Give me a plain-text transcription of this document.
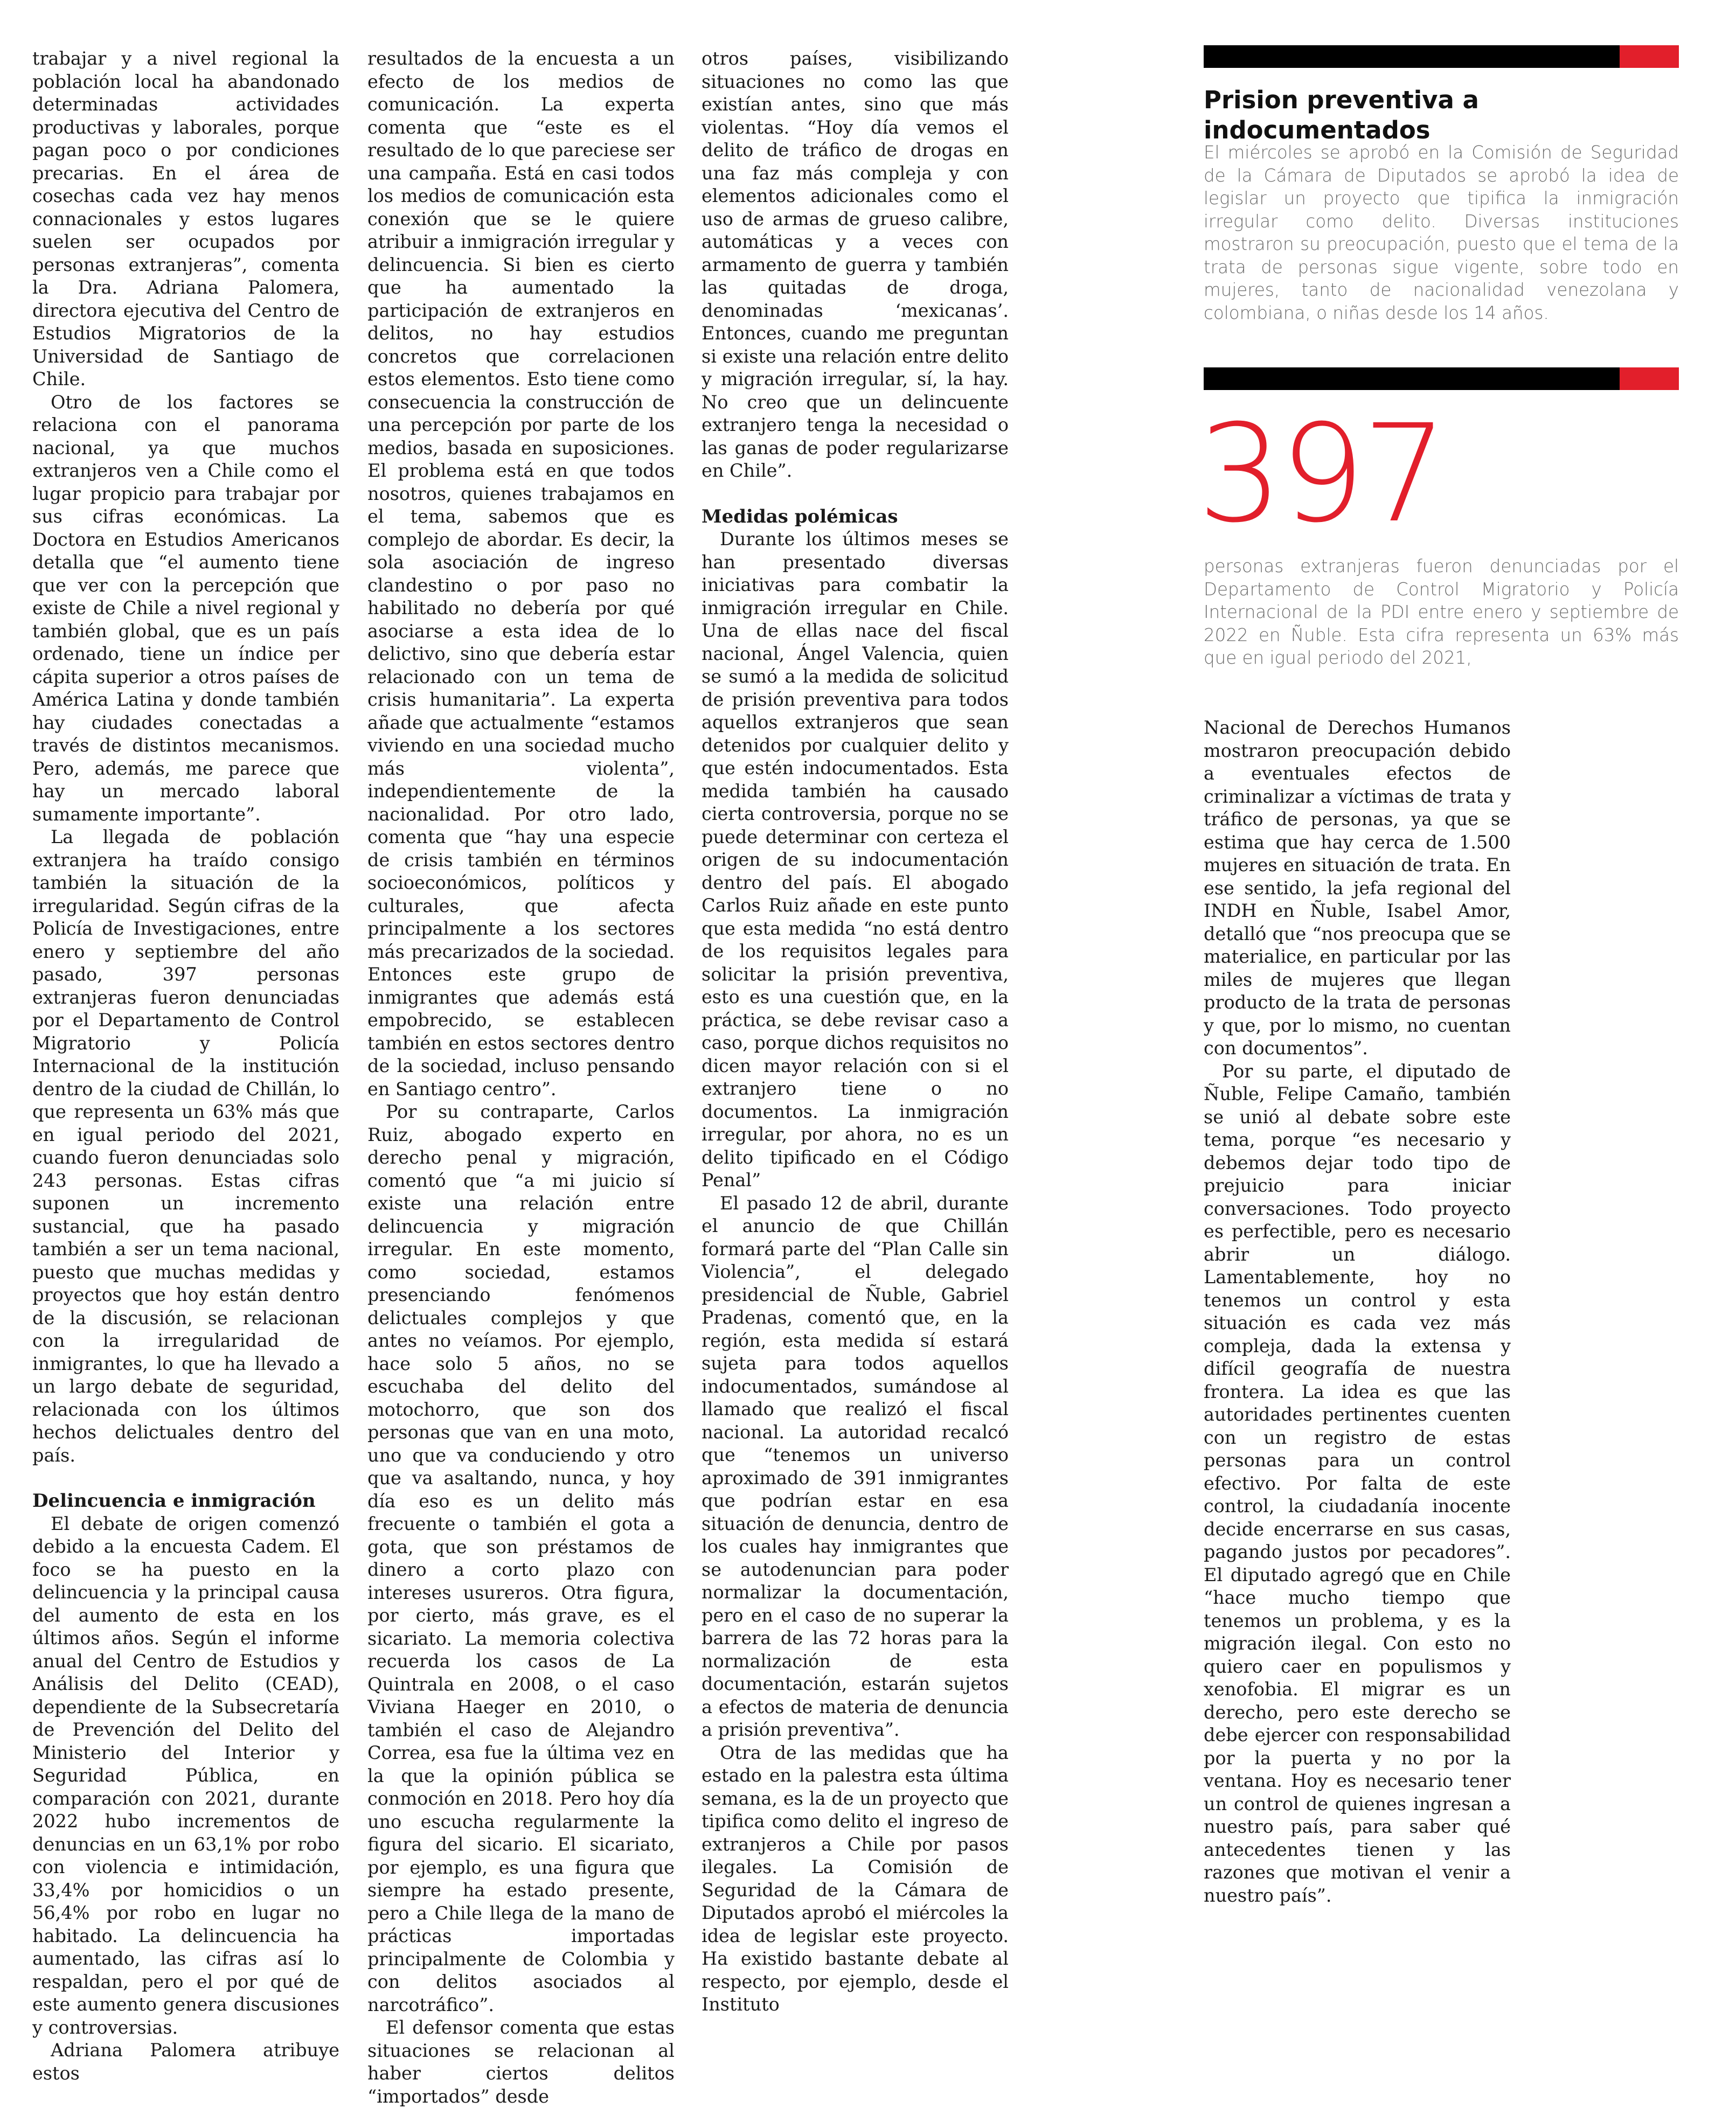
trabajar y a nivel regional la población local ha abandonado determinadas actividades productivas y laborales, porque pagan poco o por condiciones precarias. En el área de cosechas cada vez hay menos connacionales y estos lugares suelen ser ocupados por personas extranjeras”, comenta la Dra. Adriana Palomera, directora ejecutiva del Centro de Estudios Migratorios de la Universidad de Santiago de Chile.

Otro de los factores se relaciona con el panorama nacional, ya que muchos extranjeros ven a Chile como el lugar propicio para trabajar por sus cifras económicas. La Doctora en Estudios Americanos detalla que “el aumento tiene que ver con la percepción que existe de Chile a nivel regional y también global, que es un país ordenado, tiene un índice per cápita superior a otros países de América Latina y donde también hay ciudades conectadas a través de distintos mecanismos. Pero, además, me parece que hay un mercado laboral sumamente importante”.

La llegada de población extranjera ha traído consigo también la situación de la irregularidad. Según cifras de la Policía de Investigaciones, entre enero y septiembre del año pasado, 397 personas extranjeras fueron denunciadas por el Departamento de Control Migratorio y Policía Internacional de la institución dentro de la ciudad de Chillán, lo que representa un 63% más que en igual periodo del 2021, cuando fueron denunciadas solo 243 personas. Estas cifras suponen un incremento sustancial, que ha pasado también a ser un tema nacional, puesto que muchas medidas y proyectos que hoy están dentro de la discusión, se relacionan con la irregularidad de inmigrantes, lo que ha llevado a un largo debate de seguridad, relacionada con los últimos hechos delictuales dentro del país.

Delincuencia e inmigración

El debate de origen comenzó debido a la encuesta Cadem. El foco se ha puesto en la delincuencia y la principal causa del aumento de esta en los últimos años. Según el informe anual del Centro de Estudios y Análisis del Delito (CEAD), dependiente de la Subsecretaría de Prevención del Delito del Ministerio del Interior y Seguridad Pública, en comparación con 2021, durante 2022 hubo incrementos de denuncias en un 63,1% por robo con violencia e intimidación, 33,4% por homicidios o un 56,4% por robo en lugar no habitado. La delincuencia ha aumentado, las cifras así lo respaldan, pero el por qué de este aumento genera discusiones y controversias.

Adriana Palomera atribuye estos

resultados de la encuesta a un efecto de los medios de comunicación. La experta comenta que “este es el resultado de lo que pareciese ser una campaña. Está en casi todos los medios de comunicación esta conexión que se le quiere atribuir a inmigración irregular y delincuencia. Si bien es cierto que ha aumentado la participación de extranjeros en delitos, no hay estudios concretos que correlacionen estos elementos. Esto tiene como consecuencia la construcción de una percepción por parte de los medios, basada en suposiciones. El problema está en que todos nosotros, quienes trabajamos en el tema, sabemos que es complejo de abordar. Es decir, la sola asociación de ingreso clandestino o por paso no habilitado no debería por qué asociarse a esta idea de lo delictivo, sino que debería estar relacionado con un tema de crisis humanitaria”. La experta añade que actualmente “estamos viviendo en una sociedad mucho más violenta”, independientemente de la nacionalidad. Por otro lado, comenta que “hay una especie de crisis también en términos socioeconómicos, políticos y culturales, que afecta principalmente a los sectores más precarizados de la sociedad. Entonces este grupo de inmigrantes que además está empobrecido, se establecen también en estos sectores dentro de la sociedad, incluso pensando en Santiago centro”.

Por su contraparte, Carlos Ruiz, abogado experto en derecho penal y migración, comentó que “a mi juicio sí existe una relación entre delincuencia y migración irregular. En este momento, como sociedad, estamos presenciando fenómenos delictuales complejos y que antes no veíamos. Por ejemplo, hace solo 5 años, no se escuchaba del delito del motochorro, que son dos personas que van en una moto, uno que va conduciendo y otro que va asaltando, nunca, y hoy día eso es un delito más frecuente o también el gota a gota, que son préstamos de dinero a corto plazo con intereses usureros. Otra figura, por cierto, más grave, es el sicariato. La memoria colectiva recuerda los casos de La Quintrala en 2008, o el caso Viviana Haeger en 2010, o también el caso de Alejandro Correa, esa fue la última vez en la que la opinión pública se conmoción en 2018. Pero hoy día uno escucha regularmente la figura del sicario. El sicariato, por ejemplo, es una figura que siempre ha estado presente, pero a Chile llega de la mano de prácticas importadas principalmente de Colombia y con delitos asociados al narcotráfico”.

El defensor comenta que estas situaciones se relacionan al haber ciertos delitos “importados” desde

otros países, visibilizando situaciones no como las que existían antes, sino que más violentas. “Hoy día vemos el delito de tráfico de drogas en una faz más compleja y con elementos adicionales como el uso de armas de grueso calibre, automáticas y a veces con armamento de guerra y también las quitadas de droga, denominadas ‘mexicanas’. Entonces, cuando me preguntan si existe una relación entre delito y migración irregular, sí, la hay. No creo que un delincuente extranjero tenga la necesidad o las ganas de poder regularizarse en Chile”.

Medidas polémicas

Durante los últimos meses se han presentado diversas iniciativas para combatir la inmigración irregular en Chile. Una de ellas nace del fiscal nacional, Ángel Valencia, quien se sumó a la medida de solicitud de prisión preventiva para todos aquellos extranjeros que sean detenidos por cualquier delito y que estén indocumentados. Esta medida también ha causado cierta controversia, porque no se puede determinar con certeza el origen de su indocumentación dentro del país. El abogado Carlos Ruiz añade en este punto que esta medida “no está dentro de los requisitos legales para solicitar la prisión preventiva, esto es una cuestión que, en la práctica, se debe revisar caso a caso, porque dichos requisitos no dicen mayor relación con si el extranjero tiene o no documentos. La inmigración irregular, por ahora, no es un delito tipificado en el Código Penal”

El pasado 12 de abril, durante el anuncio de que Chillán formará parte del “Plan Calle sin Violencia”, el delegado presidencial de Ñuble, Gabriel Pradenas, comentó que, en la región, esta medida sí estará sujeta para todos aquellos indocumentados, sumándose al llamado que realizó el fiscal nacional. La autoridad recalcó que “tenemos un universo aproximado de 391 inmigrantes que podrían estar en esa situación de denuncia, dentro de los cuales hay inmigrantes que se autodenuncian para poder normalizar la documentación, pero en el caso de no superar la barrera de las 72 horas para la normalización de esta documentación, estarán sujetos a efectos de materia de denuncia a prisión preventiva”.

Otra de las medidas que ha estado en la palestra esta última semana, es la de un proyecto que tipifica como delito el ingreso de extranjeros a Chile por pasos ilegales. La Comisión de Seguridad de la Cámara de Diputados aprobó el miércoles la idea de legislar este proyecto. Ha existido bastante debate al respecto, por ejemplo, desde el Instituto

Prision preventiva a indocumentados
El miércoles se aprobó en la Comisión de Seguridad de la Cámara de Diputados se aprobó la idea de legislar un proyecto que tipifica la inmigración irregular como delito. Diversas instituciones mostraron su preocupación, puesto que el tema de la trata de personas sigue vigente, sobre todo en mujeres, tanto de nacionalidad venezolana y colombiana, o niñas desde los 14 años.
397
personas extranjeras fueron denunciadas por el Departamento de Control Migratorio y Policía Internacional de la PDI entre enero y septiembre de 2022 en Ñuble. Esta cifra representa un 63% más que en igual periodo del 2021,

Nacional de Derechos Humanos mostraron preocupación debido a eventuales efectos de criminalizar a víctimas de trata y tráfico de personas, ya que se estima que hay cerca de 1.500 mujeres en situación de trata. En ese sentido, la jefa regional del INDH en Ñuble, Isabel Amor, detalló que “nos preocupa que se materialice, en particular por las miles de mujeres que llegan producto de la trata de personas y que, por lo mismo, no cuentan con documentos”.

Por su parte, el diputado de Ñuble, Felipe Camaño, también se unió al debate sobre este tema, porque “es necesario y debemos dejar todo tipo de prejuicio para iniciar conversaciones. Todo proyecto es perfectible, pero es necesario abrir un diálogo. Lamentablemente, hoy no tenemos un control y esta situación es cada vez más compleja, dada la extensa y difícil geografía de nuestra frontera. La idea es que las autoridades pertinentes cuenten con un registro de estas personas para un control efectivo. Por falta de este control, la ciudadanía inocente decide encerrarse en sus casas, pagando justos por pecadores”. El diputado agregó que en Chile “hace mucho tiempo que tenemos un problema, y es la migración ilegal. Con esto no quiero caer en populismos y xenofobia. El migrar es un derecho, pero este derecho se debe ejercer con responsabilidad por la puerta y no por la ventana. Hoy es necesario tener un control de quienes ingresan a nuestro país, para saber qué antecedentes tienen y las razones que motivan el venir a nuestro país”.
